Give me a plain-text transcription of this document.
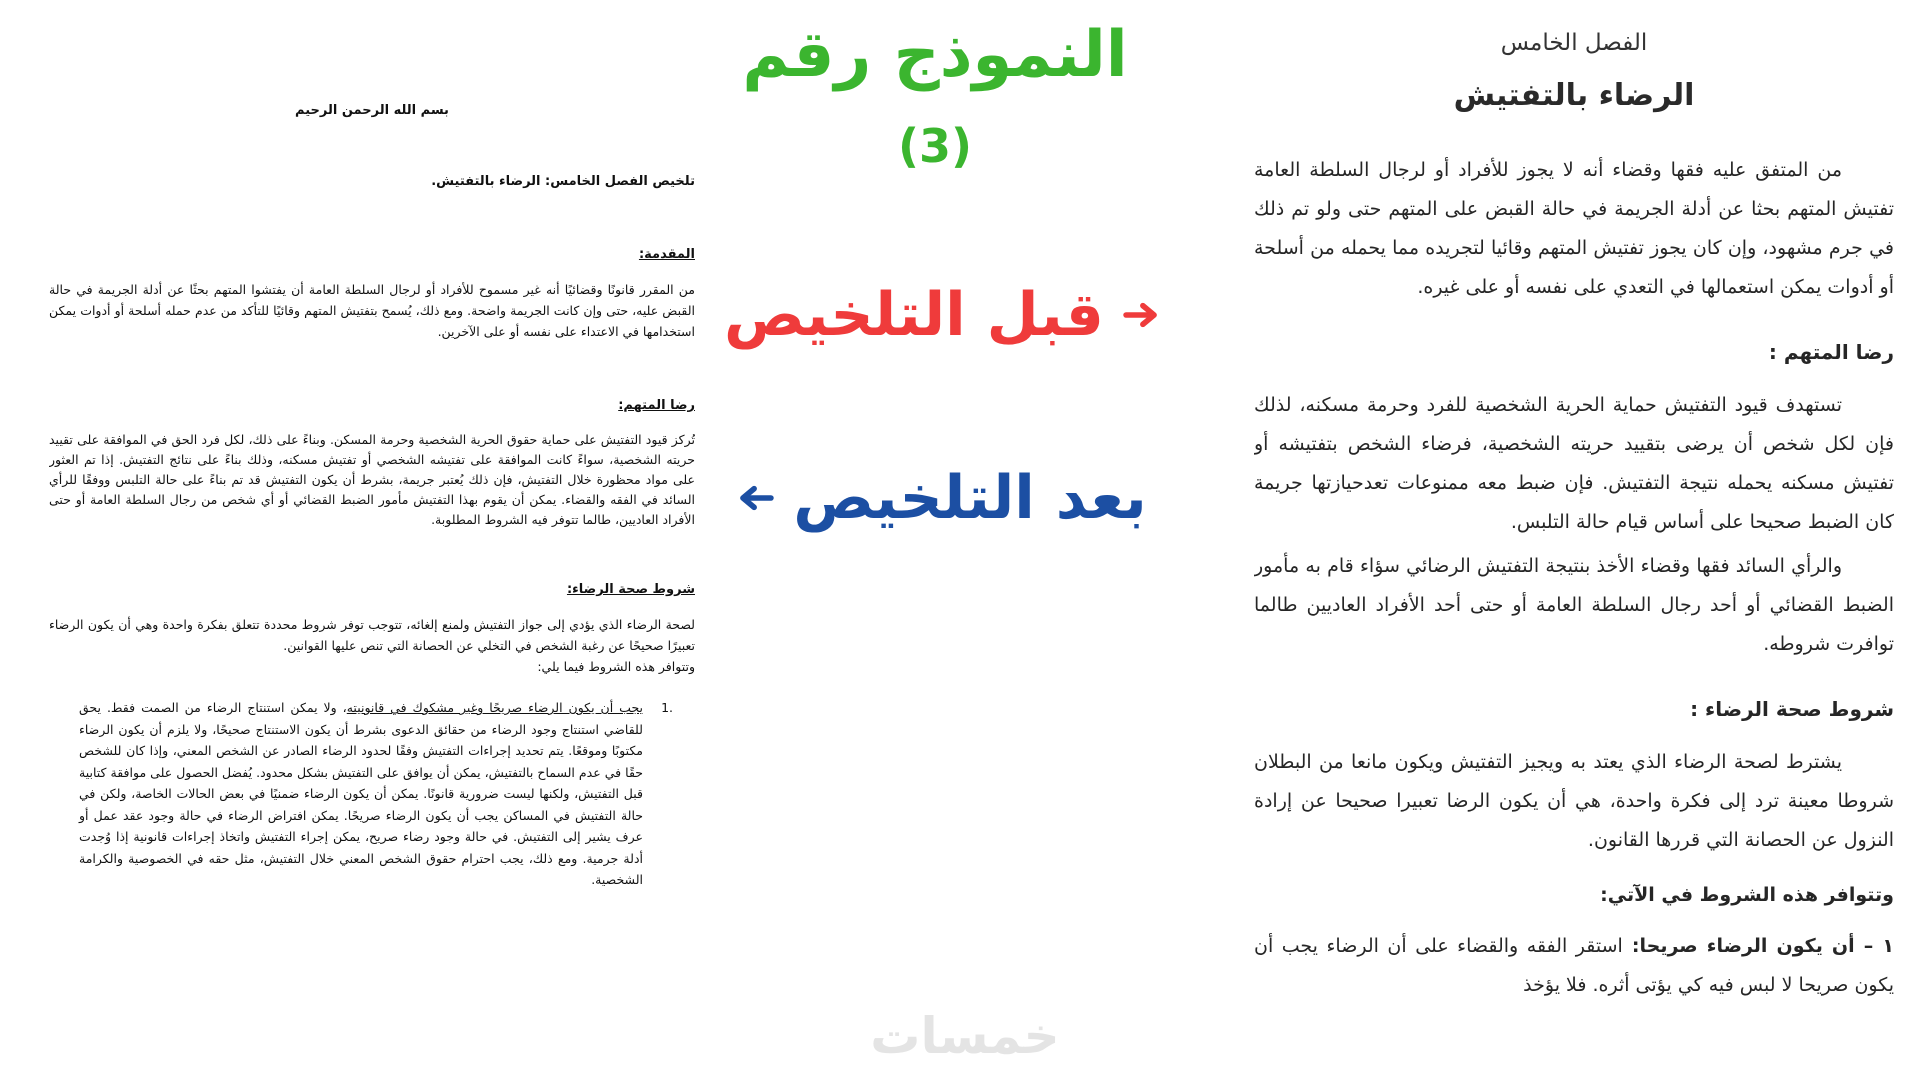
بسم الله الرحمن الرحيم
تلخيص الفصل الخامس: الرضاء بالتفتيش.
المقدمة:
من المقرر قانونًا وقضائيًا أنه غير مسموح للأفراد أو لرجال السلطة العامة أن يفتشوا المتهم بحثًا عن أدلة الجريمة في حالة القبض عليه، حتى وإن كانت الجريمة واضحة. ومع ذلك، يُسمح بتفتيش المتهم وقائيًا للتأكد من عدم حمله أسلحة أو أدوات يمكن استخدامها في الاعتداء على نفسه أو على الآخرين.
رضا المتهم:
تُركز قيود التفتيش على حماية حقوق الحرية الشخصية وحرمة المسكن. وبناءً على ذلك، لكل فرد الحق في الموافقة على تقييد حريته الشخصية، سواءً كانت الموافقة على تفتيشه الشخصي أو تفتيش مسكنه، وذلك بناءً على نتائج التفتيش. إذا تم العثور على مواد محظورة خلال التفتيش، فإن ذلك يُعتبر جريمة، بشرط أن يكون التفتيش قد تم بناءً على حالة التلبس ووفقًا للرأي السائد في الفقه والقضاء. يمكن أن يقوم بهذا التفتيش مأمور الضبط القضائي أو أي شخص من رجال السلطة العامة أو حتى الأفراد العاديين، طالما تتوفر فيه الشروط المطلوبة.
شروط صحة الرضاء:
لصحة الرضاء الذي يؤدي إلى جواز التفتيش ولمنع إلغائه، تتوجب توفر شروط محددة تتعلق بفكرة واحدة وهي أن يكون الرضاء تعبيرًا صحيحًا عن رغبة الشخص في التخلي عن الحصانة التي تنص عليها القوانين.
وتتوافر هذه الشروط فيما يلي:
1.
يجب أن يكون الرضاء صريحًا وغير مشكوك في قانونيته، ولا يمكن استنتاج الرضاء من الصمت فقط. يحق للقاضي استنتاج وجود الرضاء من حقائق الدعوى بشرط أن يكون الاستنتاج صحيحًا، ولا يلزم أن يكون الرضاء مكتوبًا وموقعًا. يتم تحديد إجراءات التفتيش وفقًا لحدود الرضاء الصادر عن الشخص المعني، وإذا كان للشخص حقًا في عدم السماح بالتفتيش، يمكن أن يوافق على التفتيش بشكل محدود. يُفضل الحصول على موافقة كتابية قبل التفتيش، ولكنها ليست ضرورية قانونًا. يمكن أن يكون الرضاء ضمنيًا في بعض الحالات الخاصة، ولكن في حالة التفتيش في المساكن يجب أن يكون الرضاء صريحًا. يمكن افتراض الرضاء في حالة وجود عقد عمل أو عرف يشير إلى التفتيش. في حالة وجود رضاء صريح، يمكن إجراء التفتيش واتخاذ إجراءات قانونية إذا وُجدت أدلة جرمية. ومع ذلك، يجب احترام حقوق الشخص المعني خلال التفتيش، مثل حقه في الخصوصية والكرامة الشخصية.
النموذج رقم
(3)
قبل التلخيص
بعد التلخيص
الفصل الخامس
الرضاء بالتفتيش
من المتفق عليه فقها وقضاء أنه لا يجوز للأفراد أو لرجال السلطة العامة تفتيش المتهم بحثا عن أدلة الجريمة في حالة القبض على المتهم حتى ولو تم ذلك في جرم مشهود، وإن كان يجوز تفتيش المتهم وقائيا لتجريده مما يحمله من أسلحة أو أدوات يمكن استعمالها في التعدي على نفسه أو على غيره.
رضا المتهم :
تستهدف قيود التفتيش حماية الحرية الشخصية للفرد وحرمة مسكنه، لذلك فإن لكل شخص أن يرضى بتقييد حريته الشخصية، فرضاء الشخص بتفتيشه أو تفتيش مسكنه يحمله نتيجة التفتيش. فإن ضبط معه ممنوعات تعدحيازتها جريمة كان الضبط صحيحا على أساس قيام حالة التلبس.
والرأي السائد فقها وقضاء الأخذ بنتيجة التفتيش الرضائي سؤاء قام به مأمور الضبط القضائي أو أحد رجال السلطة العامة أو حتى أحد الأفراد العاديين طالما توافرت شروطه.
شروط صحة الرضاء :
يشترط لصحة الرضاء الذي يعتد به ويجيز التفتيش ويكون مانعا من البطلان شروطا معينة ترد إلى فكرة واحدة، هي أن يكون الرضا تعبيرا صحيحا عن إرادة النزول عن الحصانة التي قررها القانون.
وتتوافر هذه الشروط في الآتي:
١ – أن يكون الرضاء صريحا: استقر الفقه والقضاء على أن الرضاء يجب أن يكون صريحا لا لبس فيه كي يؤتى أثره. فلا يؤخذ
خمسات
